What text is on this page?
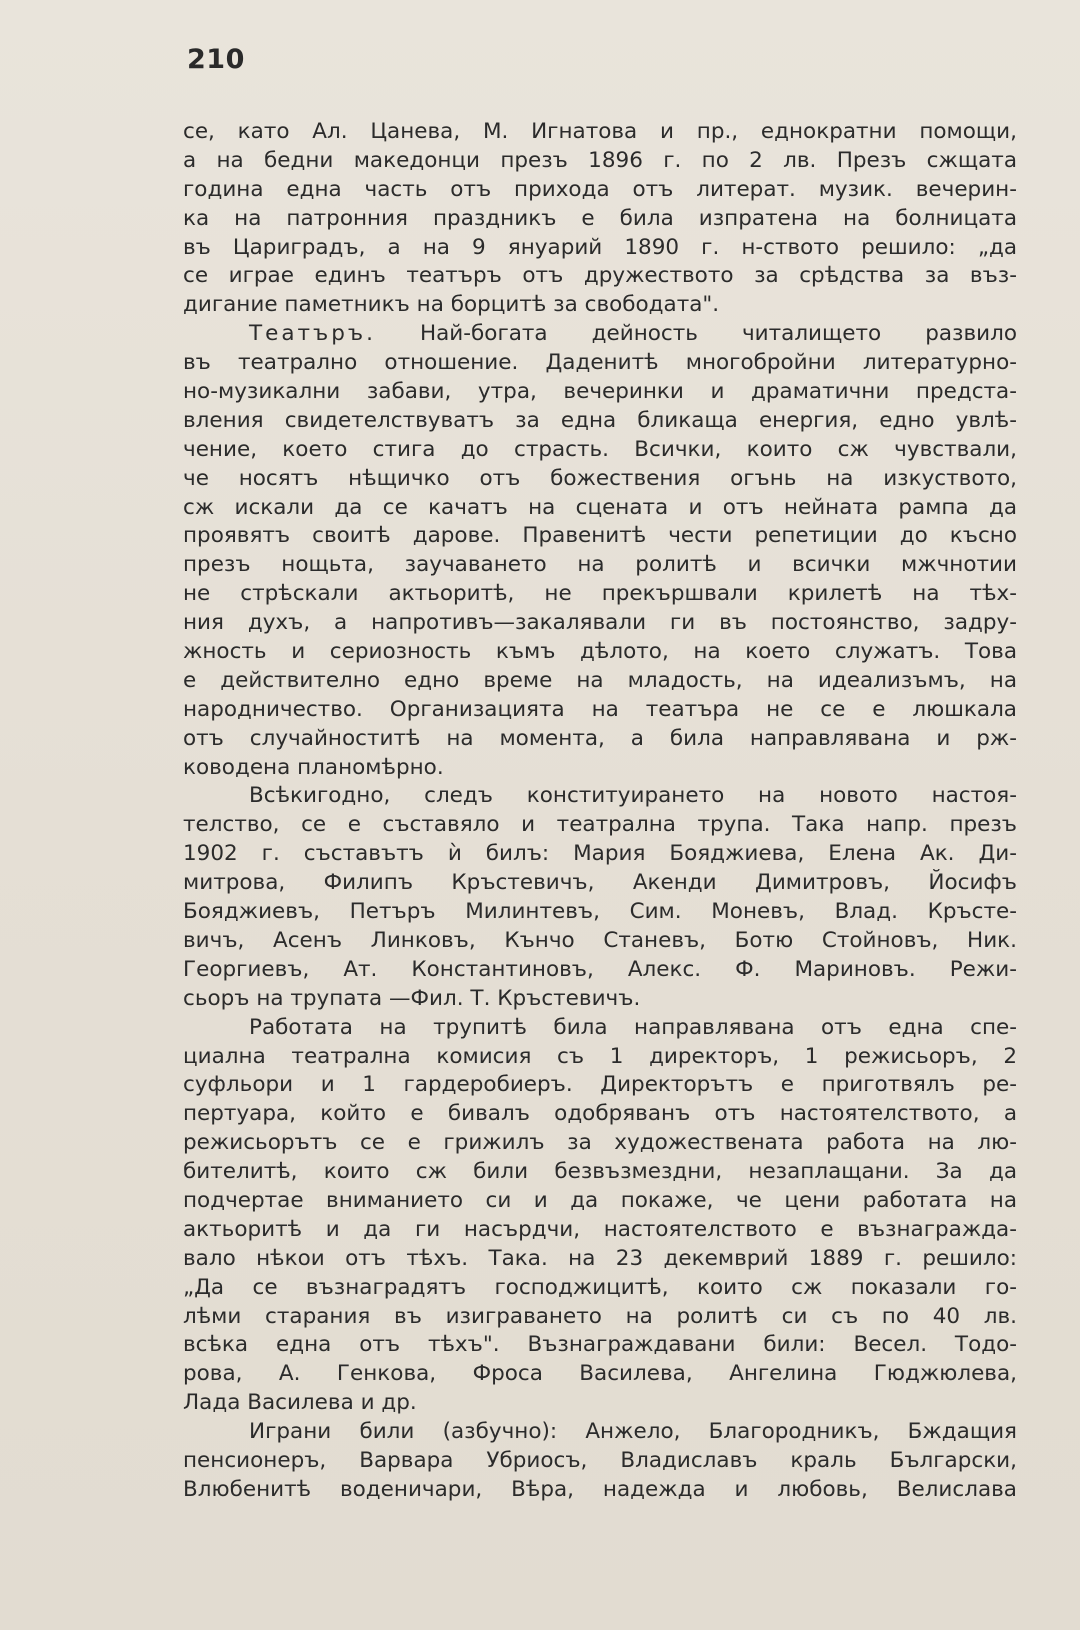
210
се, като Ал. Цанева, М. Игнатова и пр., еднократни помощи,
а на бедни македонци презъ 1896 г. по 2 лв. Презъ сжщата
година една часть отъ прихода отъ литерат. музик. вечерин-
ка на патронния праздникъ е била изпратена на болницата
въ Цариградъ, а на 9 януарий 1890 г. н-ството решило: „да
се играе единъ театъръ отъ дружеството за срѣдства за въз-
дигание паметникъ на борцитѣ за свободата".
Театъръ. Най-богата дейность читалището развило
въ театрално отношение. Даденитѣ многобройни литературно-
но-музикални забави, утра, вечеринки и драматични предста-
вления свидетелствуватъ за една бликаща енергия, едно увлѣ-
чение, което стига до страсть. Всички, които сж чувствали,
че носятъ нѣщичко отъ божествения огънь на изкуството,
сж искали да се качатъ на сцената и отъ нейната рампа да
проявятъ своитѣ дарове. Правенитѣ чести репетиции до късно
презъ нощьта, заучаването на ролитѣ и всички мжчнотии
не стрѣскали актьоритѣ, не прекършвали крилетѣ на тѣх-
ния духъ, а напротивъ—закалявали ги въ постоянство, задру-
жность и сериозность къмъ дѣлото, на което служатъ. Това
е действително едно време на младость, на идеализъмъ, на
народничество. Организацията на театъра не се е люшкала
отъ случайноститѣ на момента, а била направлявана и рж-
ководена планомѣрно.
Всѣкигодно, следъ конституирането на новото настоя-
телство, се е съставяло и театрална трупа. Така напр. презъ
1902 г. съставътъ ѝ билъ: Мария Бояджиева, Елена Ак. Ди-
митрова, Филипъ Кръстевичъ, Акенди Димитровъ, Йосифъ
Бояджиевъ, Петъръ Милинтевъ, Сим. Моневъ, Влад. Кръсте-
вичъ, Асенъ Линковъ, Кънчо Станевъ, Ботю Стойновъ, Ник.
Георгиевъ, Ат. Константиновъ, Алекс. Ф. Мариновъ. Режи-
сьоръ на трупата —Фил. Т. Кръстевичъ.
Работата на трупитѣ била направлявана отъ една спе-
циална театрална комисия съ 1 директоръ, 1 режисьоръ, 2
суфльори и 1 гардеробиеръ. Директорътъ е приготвялъ ре-
пертуара, който е бивалъ одобряванъ отъ настоятелството, а
режисьорътъ се е грижилъ за художествената работа на лю-
бителитѣ, които сж били безвъзмездни, незаплащани. За да
подчертае вниманието си и да покаже, че цени работата на
актьоритѣ и да ги насърдчи, настоятелството е възнагражда-
вало нѣкои отъ тѣхъ. Така. на 23 декемврий 1889 г. решило:
„Да се възнаградятъ господжицитѣ, които сж показали го-
лѣми старания въ изиграването на ролитѣ си съ по 40 лв.
всѣка една отъ тѣхъ". Възнаграждавани били: Весел. Тодо-
рова, А. Генкова, Фроса Василева, Ангелина Гюджюлева,
Лада Василева и др.
Играни били (азбучно): Анжело, Благородникъ, Бждащия
пенсионеръ, Варвара Убриосъ, Владиславъ краль Български,
Влюбенитѣ воденичари, Вѣра, надежда и любовь, Велислава
